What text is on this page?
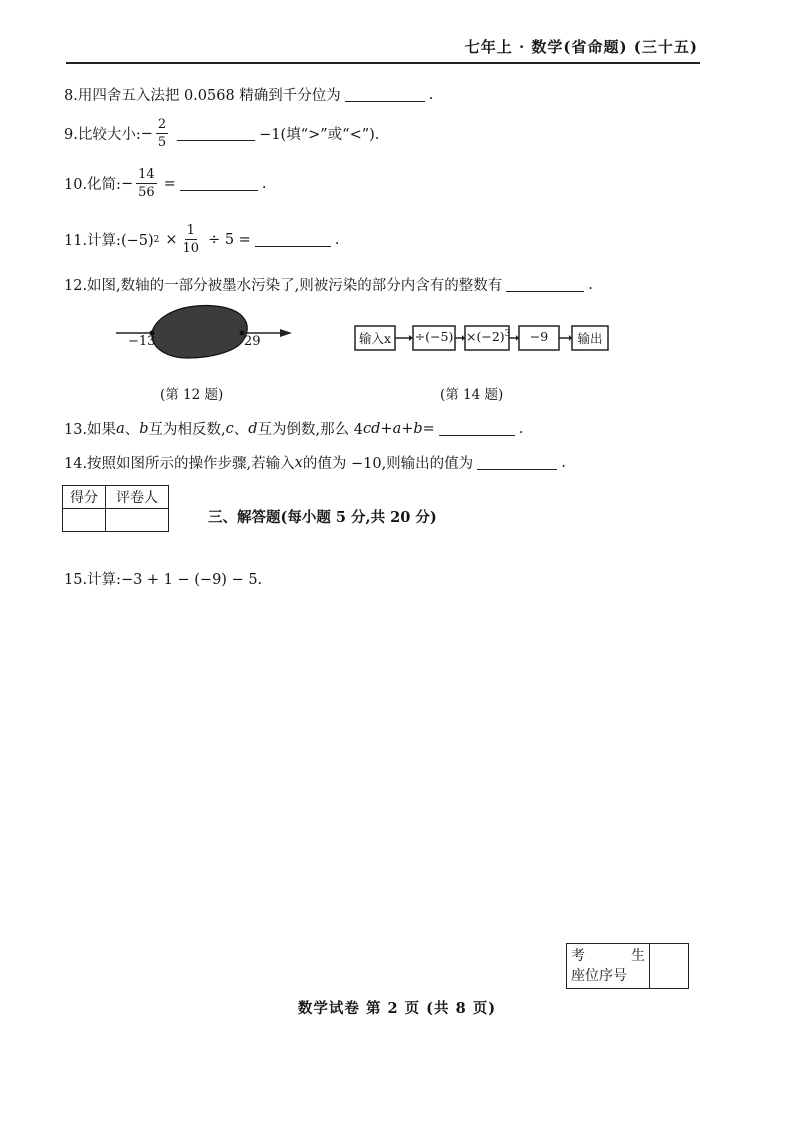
七年上 · 数学(省命题) (三十五)
8.用四舍五入法把 0.0568 精确到千分位为	.
9.比较大小: − $\frac{2}{5}$	−1(填“>”或“<”).
10.化简: − $\frac{14}{56}$ =	.
11.计算:(−5) $2 \times \frac{1}{10} \div 5$ =	.
12.如图,数轴的一部分被墨水污染了,则被污染的部分内含有的整数有	.
−13	29
(第 12 题)
输入$x \div(-5) \times(-2)^3$	−9	输出
(第 14 题)
13.如果 a 、 b 互为相反数, c 、 d 互为倒数,那么 4 cd + a + b =	.
14.按照如图所示的操作步骤,若输入 x 的值为 −10,则输出的值为	.
得分	评卷人

三、解答题(每小题 5 分,共 20 分)
15.计算:−3 + 1 − (−9) − 5.
考	生
座位序号

数学试卷 第 2 页 (共 8 页)
